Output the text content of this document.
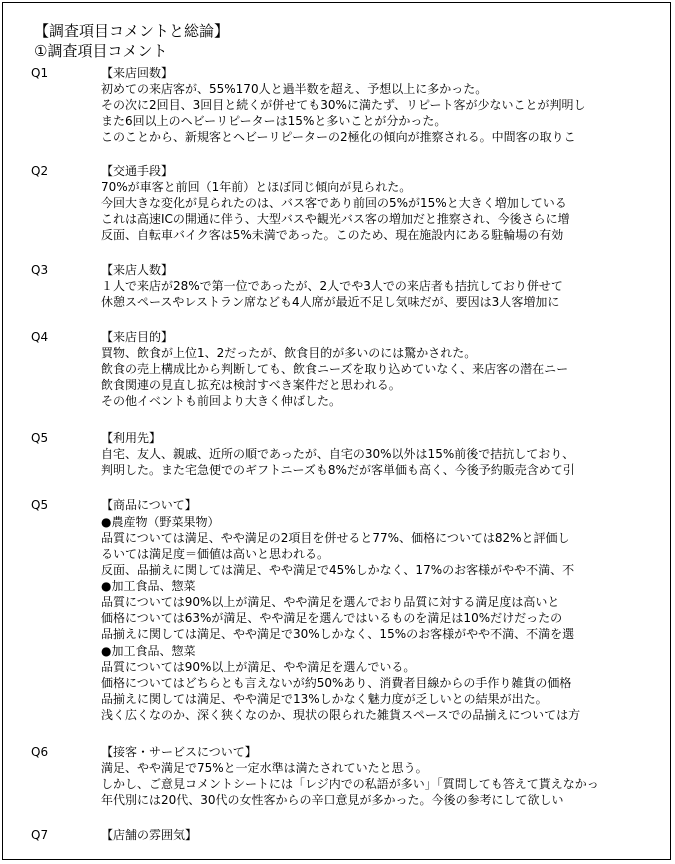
【調査項目コメントと総論】
①調査項目コメント
Q1	【来店回数】
初めての来店客が、55%170人と過半数を超え、予想以上に多かった。
その次に2回目、3回目と続くが併せても30%に満たず、リピート客が少ないことが判明し
また6回以上のヘビーリピーターは15%と多いことが分かった。
このことから、新規客とヘビーリピーターの2極化の傾向が推察される。中間客の取りこ
Q2	【交通手段】
70%が車客と前回（1年前）とほぼ同じ傾向が見られた。
今回大きな変化が見られたのは、バス客であり前回の5%が15%と大きく増加している
これは高速ICの開通に伴う、大型バスや観光バス客の増加だと推察され、今後さらに增
反面、自転車バイク客は5%未満であった。このため、現在施設内にある駐輪場の有効
Q3	【来店人数】
１人で来店が28%で第一位であったが、2人でや3人での来店者も拮抗しており併せて
休憩スペースやレストラン席なども4人席が最近不足し気味だが、要因は3人客増加に
Q4	【来店目的】
買物、飲食が上位1、2だったが、飲食目的が多いのには驚かされた。
飲食の売上構成比から判断しても、飲食ニーズを取り込めていなく、来店客の潜在ニー
飲食関連の見直し拡充は検討すべき案件だと思われる。
その他イベントも前回より大きく伸ばした。
Q5	【利用先】
自宅、友人、親戚、近所の順であったが、自宅の30%以外は15%前後で拮抗しており、
判明した。また宅急便でのギフトニーズも8%だが客単価も高く、今後予約販売含めて引
Q5	【商品について】
●農産物（野菜果物）
品質については満足、やや満足の2項目を併せると77%、価格については82%と評価し
るいては満足度＝価値は高いと思われる。
反面、品揃えに関しては満足、やや満足で45%しかなく、17%のお客様がやや不満、不
●加工食品、惣菜
品質については90%以上が満足、やや満足を選んでおり品質に対する満足度は高いと
価格については63%が満足、やや満足を選んではいるものを満足は10%だけだったの
品揃えに関しては満足、やや満足で30%しかなく、15%のお客様がやや不満、不満を選
●加工食品、惣菜
品質については90%以上が満足、やや満足を選んでいる。
価格についてはどちらとも言えないが約50%あり、消費者目線からの手作り雑貨の価格
品揃えに関しては満足、やや満足で13%しかなく魅力度が乏しいとの結果が出た。
浅く広くなのか、深く狭くなのか、現状の限られた雑貨スペースでの品揃えについては方
Q6	【接客・サービスについて】
満足、やや満足で75%と一定水準は満たされていたと思う。
しかし、ご意見コメントシートには「レジ内での私語が多い」「質問しても答えて貰えなかっ
年代別には20代、30代の女性客からの辛口意見が多かった。今後の参考にして欲しい
Q7	【店舗の雰囲気】
